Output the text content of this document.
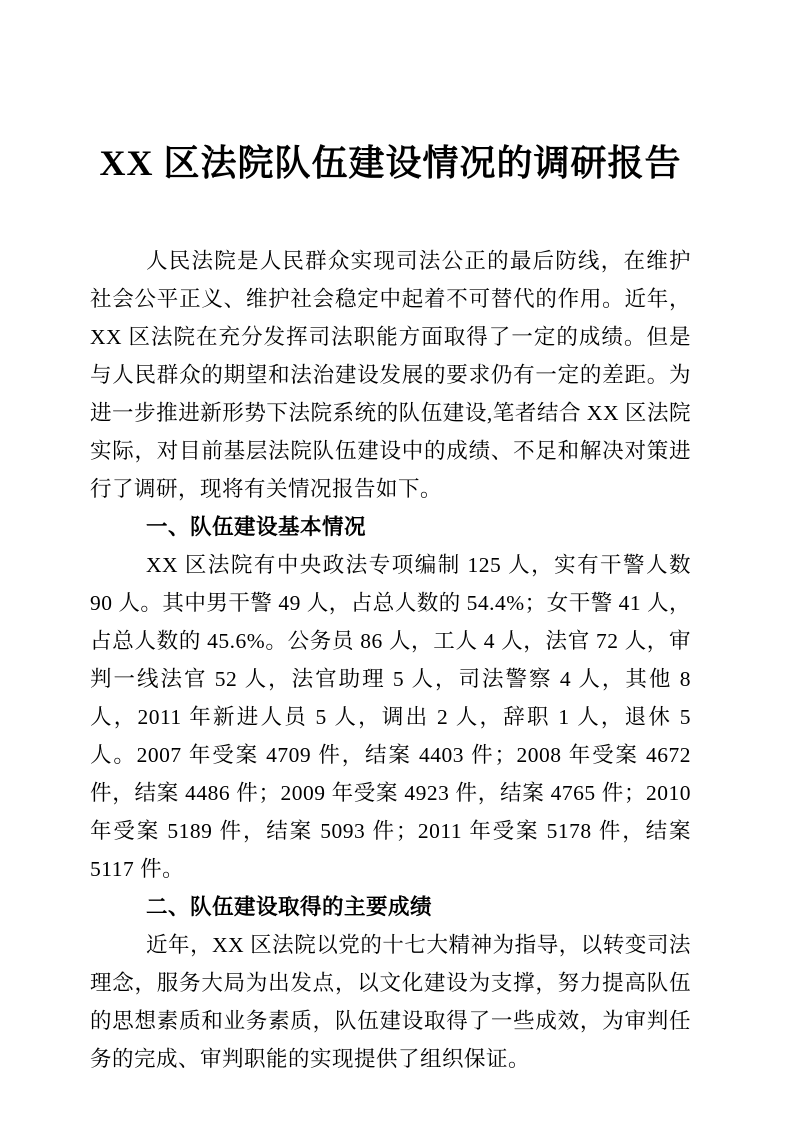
XX 区法院队伍建设情况的调研报告

人民法院是人民群众实现司法公正的最后防线，在维护社会公平正义、维护社会稳定中起着不可替代的作用。近年，XX 区法院在充分发挥司法职能方面取得了一定的成绩。但是与人民群众的期望和法治建设发展的要求仍有一定的差距。为进一步推进新形势下法院系统的队伍建设,笔者结合 XX 区法院实际，对目前基层法院队伍建设中的成绩、不足和解决对策进行了调研，现将有关情况报告如下。

一、队伍建设基本情况

XX 区法院有中央政法专项编制 125 人，实有干警人数 90 人。其中男干警 49 人，占总人数的 54.4%；女干警 41 人，占总人数的 45.6%。公务员 86 人，工人 4 人，法官 72 人，审判一线法官 52 人，法官助理 5 人，司法警察 4 人，其他 8 人，2011 年新进人员 5 人，调出 2 人，辞职 1 人，退休 5 人。2007 年受案 4709 件，结案 4403 件；2008 年受案 4672 件，结案 4486 件；2009 年受案 4923 件，结案 4765 件；2010 年受案 5189 件，结案 5093 件；2011 年受案 5178 件，结案 5117 件。

二、队伍建设取得的主要成绩

近年，XX 区法院以党的十七大精神为指导，以转变司法理念，服务大局为出发点，以文化建设为支撑，努力提高队伍的思想素质和业务素质，队伍建设取得了一些成效，为审判任务的完成、审判职能的实现提供了组织保证。
